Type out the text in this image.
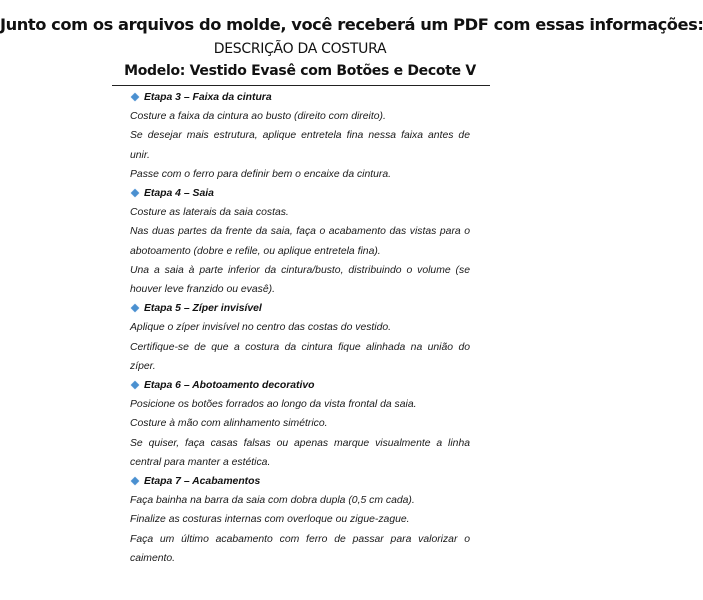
Junto com os arquivos do molde, você receberá um PDF com essas informações:
DESCRIÇÃO DA COSTURA
Modelo: Vestido Evasê com Botões e Decote V
Etapa 3 – Faixa da cintura

Costure a faixa da cintura ao busto (direito com direito).

Se desejar mais estrutura, aplique entretela fina nessa faixa antes de unir.

Passe com o ferro para definir bem o encaixe da cintura.

Etapa 4 – Saia

Costure as laterais da saia costas.

Nas duas partes da frente da saia, faça o acabamento das vistas para o abotoamento (dobre e refile, ou aplique entretela fina).

Una a saia à parte inferior da cintura/busto, distribuindo o volume (se houver leve franzido ou evasê).

Etapa 5 – Zíper invisível

Aplique o zíper invisível no centro das costas do vestido.

Certifique-se de que a costura da cintura fique alinhada na união do zíper.

Etapa 6 – Abotoamento decorativo

Posicione os botões forrados ao longo da vista frontal da saia.

Costure à mão com alinhamento simétrico.

Se quiser, faça casas falsas ou apenas marque visualmente a linha central para manter a estética.

Etapa 7 – Acabamentos

Faça bainha na barra da saia com dobra dupla (0,5 cm cada).

Finalize as costuras internas com overloque ou zigue-zague.

Faça um último acabamento com ferro de passar para valorizar o caimento.
